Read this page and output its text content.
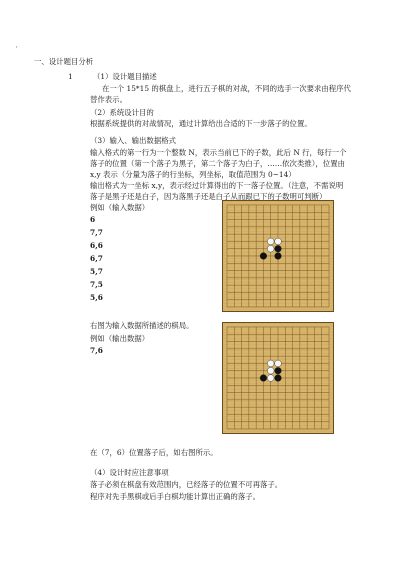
'
一、设计题目分析
1	（1）设计题目描述
在一个 15*15 的棋盘上，进行五子棋的对战，不同的选手一次要求由程序代
替作表示。
（2）系统设计目的
根据系统提供的对战情况，通过计算给出合适的下一步落子的位置。
（3）输入、输出数据格式
输入格式的第一行为一个整数 N，表示当前已下的子数，此后 N 行，每行一个
落子的位置（第一个落子为黑子，第二个落子为白子，……依次类推），位置由
x,y 表示（分量为落子的行坐标，列坐标，取值范围为 0~14）
输出格式为一坐标 x,y，表示经过计算得出的下一落子位置。（注意，不需说明
落子是黑子还是白子，因为落黑子还是白子从而跟已下的子数明可判断）
例如（输入数据）
6
7,7
6,6
6,7
5,7
7,5
5,6
右图为输入数据所描述的棋局。
例如（输出数据）
7,6
在（7，6）位置落子后，如右图所示。
（4）设计时应注意事项
落子必须在棋盘有效范围内，已经落子的位置不可再落子。
程序对先手黑棋或后手白棋均能计算出正确的落子。
